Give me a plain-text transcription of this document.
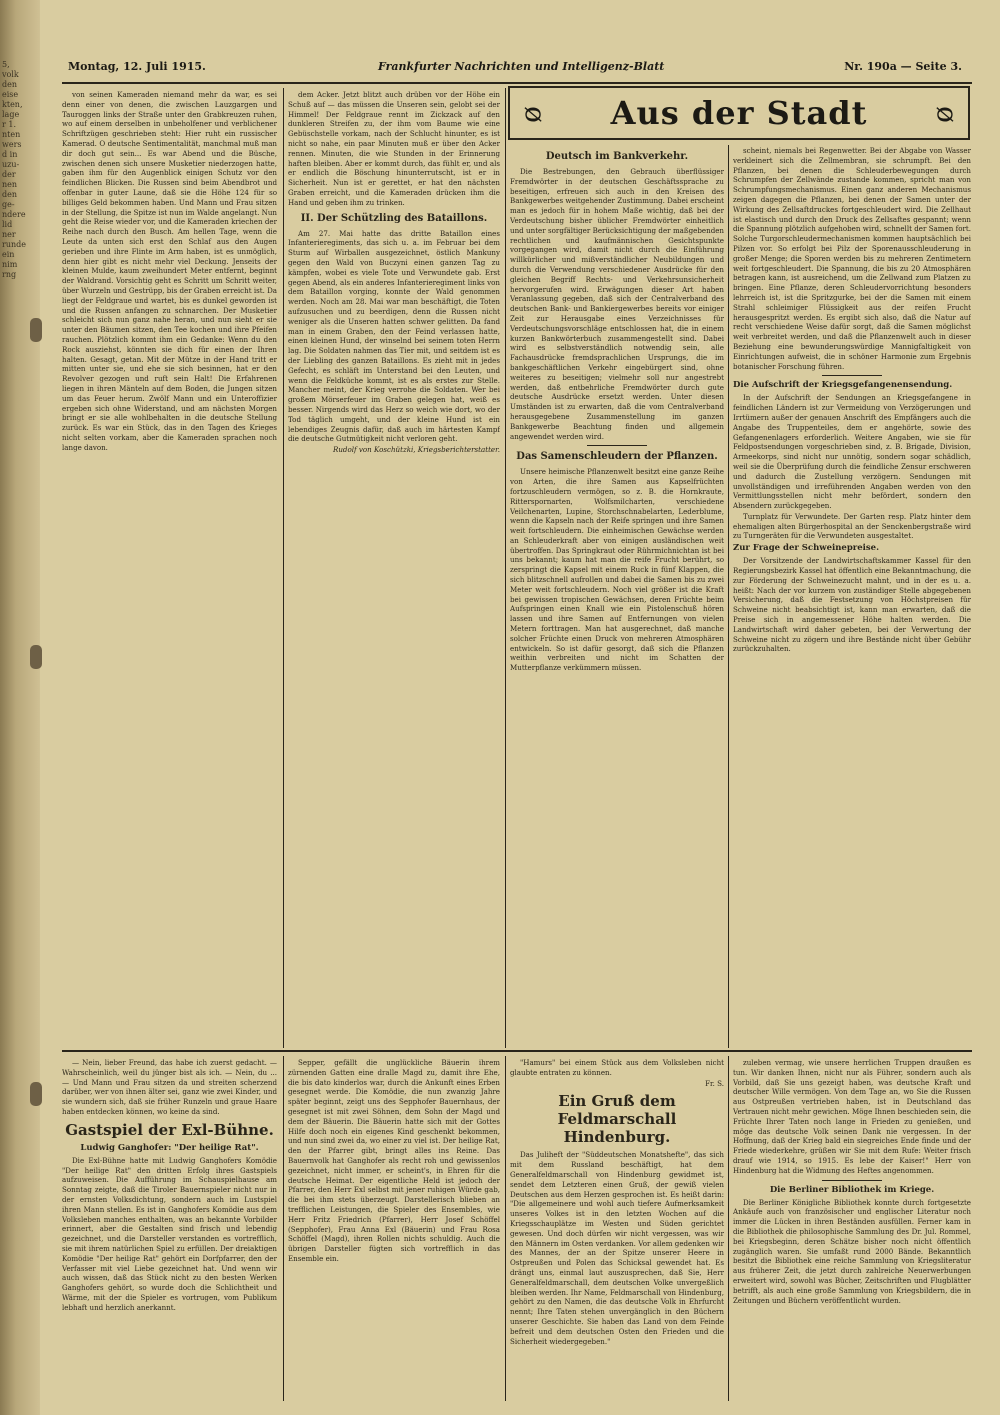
5,
volk
den
eise
kten,
lage
r 1.
nten
wers
d in
uzu-
der
nen
den
ge-
ndere
lid
ner
runde
ein
nim
rng
Montag, 12. Juli 1915.	Frankfurter Nachrichten und Intelligenz-Blatt	Nr. 190a — Seite 3.

von seinen Kameraden niemand mehr da war, es sei denn einer von denen, die zwischen Lauzgargen und Tauroggen links der Straße unter den Grabkreuzen ruhen, wo auf einem derselben in unbeholfener und verblichener Schriftzügen geschrieben steht: Hier ruht ein russischer Kamerad. O deutsche Sentimentalität, manchmal muß man dir doch gut sein... Es war Abend und die Büsche, zwischen denen sich unsere Musketier niederzogen hatte, gaben ihm für den Augenblick einigen Schutz vor den feindlichen Blicken. Die Russen sind beim Abendbrot und offenbar in guter Laune, daß sie die Höhe 124 für so billiges Geld bekommen haben. Und Mann und Frau sitzen in der Stellung, die Spitze ist nun im Walde angelangt. Nun geht die Reise wieder vor, und die Kameraden kriechen der Reihe nach durch den Busch. Am hellen Tage, wenn die Leute da unten sich erst den Schlaf aus den Augen gerieben und ihre Flinte im Arm haben, ist es unmöglich, denn hier gibt es nicht mehr viel Deckung. Jenseits der kleinen Mulde, kaum zweihundert Meter entfernt, beginnt der Waldrand. Vorsichtig geht es Schritt um Schritt weiter, über Wurzeln und Gestrüpp, bis der Graben erreicht ist. Da liegt der Feldgraue und wartet, bis es dunkel geworden ist und die Russen anfangen zu schnarchen. Der Musketier schleicht sich nun ganz nahe heran, und nun sieht er sie unter den Bäumen sitzen, den Tee kochen und ihre Pfeifen rauchen. Plötzlich kommt ihm ein Gedanke: Wenn du den Rock ausziehst, könnten sie dich für einen der Ihren halten. Gesagt, getan. Mit der Mütze in der Hand tritt er mitten unter sie, und ehe sie sich besinnen, hat er den Revolver gezogen und ruft sein Halt! Die Erfahrenen liegen in ihren Mänteln auf dem Boden, die Jungen sitzen um das Feuer herum. Zwölf Mann und ein Unteroffizier ergeben sich ohne Widerstand, und am nächsten Morgen bringt er sie alle wohlbehalten in die deutsche Stellung zurück. Es war ein Stück, das in den Tagen des Krieges nicht selten vorkam, aber die Kameraden sprachen noch lange davon.

dem Acker. Jetzt blitzt auch drüben vor der Höhe ein Schuß auf — das müssen die Unseren sein, gelobt sei der Himmel! Der Feldgraue rennt im Zickzack auf den dunkleren Streifen zu, der ihm vom Baume wie eine Gebüschstelle vorkam, nach der Schlucht hinunter, es ist nicht so nahe, ein paar Minuten muß er über den Acker rennen. Minuten, die wie Stunden in der Erinnerung haften bleiben. Aber er kommt durch, das fühlt er, und als er endlich die Böschung hinunterrutscht, ist er in Sicherheit. Nun ist er gerettet, er hat den nächsten Graben erreicht, und die Kameraden drücken ihm die Hand und geben ihm zu trinken.

II. Der Schützling des Bataillons.

Am 27. Mai hatte das dritte Bataillon eines Infanterieregiments, das sich u. a. im Februar bei dem Sturm auf Wirballen ausgezeichnet, östlich Mankuny gegen den Wald von Buczyni einen ganzen Tag zu kämpfen, wobei es viele Tote und Verwundete gab. Erst gegen Abend, als ein anderes Infanterieregiment links von dem Bataillon vorging, konnte der Wald genommen werden. Noch am 28. Mai war man beschäftigt, die Toten aufzusuchen und zu beerdigen, denn die Russen nicht weniger als die Unseren hatten schwer gelitten. Da fand man in einem Graben, den der Feind verlassen hatte, einen kleinen Hund, der winselnd bei seinem toten Herrn lag. Die Soldaten nahmen das Tier mit, und seitdem ist es der Liebling des ganzen Bataillons. Es zieht mit in jedes Gefecht, es schläft im Unterstand bei den Leuten, und wenn die Feldküche kommt, ist es als erstes zur Stelle. Mancher meint, der Krieg verrohe die Soldaten. Wer bei großem Mörserfeuer im Graben gelegen hat, weiß es besser. Nirgends wird das Herz so weich wie dort, wo der Tod täglich umgeht, und der kleine Hund ist ein lebendiges Zeugnis dafür, daß auch im härtesten Kampf die deutsche Gutmütigkeit nicht verloren geht.

Rudolf von Koschützki, Kriegsberichterstatter.

ᴓ	Aus der Stadt	ᴓ
Deutsch im Bankverkehr.

Die Bestrebungen, den Gebrauch überflüssiger Fremdwörter in der deutschen Geschäftssprache zu beseitigen, erfreuen sich auch in den Kreisen des Bankgewerbes weitgehender Zustimmung. Dabei erscheint man es jedoch für in hohem Maße wichtig, daß bei der Verdeutschung bisher üblicher Fremdwörter einheitlich und unter sorgfältiger Berücksichtigung der maßgebenden rechtlichen und kaufmännischen Gesichtspunkte vorgegangen wird, damit nicht durch die Einführung willkürlicher und mißverständlicher Neubildungen und durch die Verwendung verschiedener Ausdrücke für den gleichen Begriff Rechts- und Verkehrsunsicherheit hervorgerufen wird. Erwägungen dieser Art haben Veranlassung gegeben, daß sich der Centralverband des deutschen Bank- und Bankiergewerbes bereits vor einiger Zeit zur Herausgabe eines Verzeichnisses für Verdeutschungsvorschläge entschlossen hat, die in einem kurzen Bankwörterbuch zusammengestellt sind. Dabei wird es selbstverständlich notwendig sein, alle Fachausdrücke fremdsprachlichen Ursprungs, die im bankgeschäftlichen Verkehr eingebürgert sind, ohne weiteres zu beseitigen; vielmehr soll nur angestrebt werden, daß entbehrliche Fremdwörter durch gute deutsche Ausdrücke ersetzt werden. Unter diesen Umständen ist zu erwarten, daß die vom Centralverband herausgegebene Zusammenstellung im ganzen Bankgewerbe Beachtung finden und allgemein angewendet werden wird.

Das Samenschleudern der Pflanzen.

Unsere heimische Pflanzenwelt besitzt eine ganze Reihe von Arten, die ihre Samen aus Kapselfrüchten fortzuschleudern vermögen, so z. B. die Hornkraute, Ritterspornarten, Wolfsmilcharten, verschiedene Veilchenarten, Lupine, Storchschnabelarten, Lederblume, wenn die Kapseln nach der Reife springen und ihre Samen weit fortschleudern. Die einheimischen Gewächse werden an Schleuderkraft aber von einigen ausländischen weit übertroffen. Das Springkraut oder Rührmichnichtan ist bei uns bekannt; kaum hat man die reife Frucht berührt, so zerspringt die Kapsel mit einem Ruck in fünf Klappen, die sich blitzschnell aufrollen und dabei die Samen bis zu zwei Meter weit fortschleudern. Noch viel größer ist die Kraft bei gewissen tropischen Gewächsen, deren Früchte beim Aufspringen einen Knall wie ein Pistolenschuß hören lassen und ihre Samen auf Entfernungen von vielen Metern forttragen. Man hat ausgerechnet, daß manche solcher Früchte einen Druck von mehreren Atmosphären entwickeln. So ist dafür gesorgt, daß sich die Pflanzen weithin verbreiten und nicht im Schatten der Mutterpflanze verkümmern müssen.

scheint, niemals bei Regenwetter. Bei der Abgabe von Wasser verkleinert sich die Zellmembran, sie schrumpft. Bei den Pflanzen, bei denen die Schleuderbewegungen durch Schrumpfen der Zellwände zustande kommen, spricht man von Schrumpfungsmechanismus. Einen ganz anderen Mechanismus zeigen dagegen die Pflanzen, bei denen der Samen unter der Wirkung des Zellsaftdruckes fortgeschleudert wird. Die Zellhaut ist elastisch und durch den Druck des Zellsaftes gespannt; wenn die Spannung plötzlich aufgehoben wird, schnellt der Samen fort. Solche Turgorschleudermechanismen kommen hauptsächlich bei Pilzen vor. So erfolgt bei Pilz der Sporenausschleuderung in großer Menge; die Sporen werden bis zu mehreren Zentimetern weit fortgeschleudert. Die Spannung, die bis zu 20 Atmosphären betragen kann, ist ausreichend, um die Zellwand zum Platzen zu bringen. Eine Pflanze, deren Schleudervorrichtung besonders lehrreich ist, ist die Spritzgurke, bei der die Samen mit einem Strahl schleimiger Flüssigkeit aus der reifen Frucht herausgespritzt werden. Es ergibt sich also, daß die Natur auf recht verschiedene Weise dafür sorgt, daß die Samen möglichst weit verbreitet werden, und daß die Pflanzenwelt auch in dieser Beziehung eine bewunderungswürdige Mannigfaltigkeit von Einrichtungen aufweist, die in schöner Harmonie zum Ergebnis botanischer Forschung führen.

Die Aufschrift der Kriegsgefangenensendung.

In der Aufschrift der Sendungen an Kriegsgefangene in feindlichen Ländern ist zur Vermeidung von Verzögerungen und Irrtümern außer der genauen Anschrift des Empfängers auch die Angabe des Truppenteiles, dem er angehörte, sowie des Gefangenenlagers erforderlich. Weitere Angaben, wie sie für Feldpostsendungen vorgeschrieben sind, z. B. Brigade, Division, Armeekorps, sind nicht nur unnötig, sondern sogar schädlich, weil sie die Überprüfung durch die feindliche Zensur erschweren und dadurch die Zustellung verzögern. Sendungen mit unvollständigen und irreführenden Angaben werden von den Vermittlungsstellen nicht mehr befördert, sondern den Absendern zurückgegeben.

Turnplatz für Verwundete. Der Garten resp. Platz hinter dem ehemaligen alten Bürgerhospital an der Senckenbergstraße wird zu Turngeräten für die Verwundeten ausgestaltet.

Zur Frage der Schweinepreise.

Der Vorsitzende der Landwirtschaftskammer Kassel für den Regierungsbezirk Kassel hat öffentlich eine Bekanntmachung, die zur Förderung der Schweinezucht mahnt, und in der es u. a. heißt: Nach der vor kurzem von zuständiger Stelle abgegebenen Versicherung, daß die Festsetzung von Höchstpreisen für Schweine nicht beabsichtigt ist, kann man erwarten, daß die Preise sich in angemessener Höhe halten werden. Die Landwirtschaft wird daher gebeten, bei der Verwertung der Schweine nicht zu zögern und ihre Bestände nicht über Gebühr zurückzuhalten.

— Nein, lieber Freund, das habe ich zuerst gedacht. — Wahrscheinlich, weil du jünger bist als ich. — Nein, du ... — Und Mann und Frau sitzen da und streiten scherzend darüber, wer von ihnen älter sei, ganz wie zwei Kinder, und sie wundern sich, daß sie früher Runzeln und graue Haare haben entdecken können, wo keine da sind.

Gastspiel der Exl-Bühne.
Ludwig Ganghofer: "Der heilige Rat".

Die Exl-Bühne hatte mit Ludwig Ganghofers Komödie "Der heilige Rat" den dritten Erfolg ihres Gastspiels aufzuweisen. Die Aufführung im Schauspielhause am Sonntag zeigte, daß die Tiroler Bauernspieler nicht nur in der ernsten Volksdichtung, sondern auch im Lustspiel ihren Mann stellen. Es ist in Ganghofers Komödie aus dem Volksleben manches enthalten, was an bekannte Vorbilder erinnert, aber die Gestalten sind frisch und lebendig gezeichnet, und die Darsteller verstanden es vortrefflich, sie mit ihrem natürlichen Spiel zu erfüllen. Der dreiaktigen Komödie "Der heilige Rat" gehört ein Dorfpfarrer, den der Verfasser mit viel Liebe gezeichnet hat. Und wenn wir auch wissen, daß das Stück nicht zu den besten Werken Ganghofers gehört, so wurde doch die Schlichtheit und Wärme, mit der die Spieler es vortrugen, vom Publikum lebhaft und herzlich anerkannt.

Sepper, gefällt die unglückliche Bäuerin ihrem zürnenden Gatten eine dralle Magd zu, damit ihre Ehe, die bis dato kinderlos war, durch die Ankunft eines Erben gesegnet werde. Die Komödie, die nun zwanzig Jahre später beginnt, zeigt uns des Sepphofer Bauernhaus, der gesegnet ist mit zwei Söhnen, dem Sohn der Magd und dem der Bäuerin. Die Bäuerin hatte sich mit der Gottes Hilfe doch noch ein eigenes Kind geschenkt bekommen, und nun sind zwei da, wo einer zu viel ist. Der heilige Rat, den der Pfarrer gibt, bringt alles ins Reine. Das Bauernvolk hat Ganghofer als recht roh und gewissenlos gezeichnet, nicht immer, er scheint's, in Ehren für die deutsche Heimat. Der eigentliche Held ist jedoch der Pfarrer, den Herr Exl selbst mit jener ruhigen Würde gab, die bei ihm stets überzeugt. Darstellerisch blieben an trefflichen Leistungen, die Spieler des Ensembles, wie Herr Fritz Friedrich (Pfarrer), Herr Josef Schöffel (Sepphofer), Frau Anna Exl (Bäuerin) und Frau Rosa Schöffel (Magd), ihren Rollen nichts schuldig. Auch die übrigen Darsteller fügten sich vortrefflich in das Ensemble ein.

"Hamurs" bei einem Stück aus dem Volksleben nicht glaubte entraten zu können.

Fr. S.

Ein Gruß dem Feldmarschall Hindenburg.

Das Juliheft der "Süddeutschen Monatshefte", das sich mit dem Russland beschäftigt, hat dem Generalfeldmarschall von Hindenburg gewidmet ist, sendet dem Letzteren einen Gruß, der gewiß vielen Deutschen aus dem Herzen gesprochen ist. Es heißt darin: "Die allgemeinere und wohl auch tiefere Aufmerksamkeit unseres Volkes ist in den letzten Wochen auf die Kriegsschauplätze im Westen und Süden gerichtet gewesen. Und doch dürfen wir nicht vergessen, was wir den Männern im Osten verdanken. Vor allem gedenken wir des Mannes, der an der Spitze unserer Heere in Ostpreußen und Polen das Schicksal gewendet hat. Es drängt uns, einmal laut auszusprechen, daß Sie, Herr Generalfeldmarschall, dem deutschen Volke unvergeßlich bleiben werden. Ihr Name, Feldmarschall von Hindenburg, gehört zu den Namen, die das deutsche Volk in Ehrfurcht nennt; Ihre Taten stehen unvergänglich in den Büchern unserer Geschichte. Sie haben das Land von dem Feinde befreit und dem deutschen Osten den Frieden und die Sicherheit wiedergegeben."

zuleben vermag, wie unsere herrlichen Truppen draußen es tun. Wir danken Ihnen, nicht nur als Führer, sondern auch als Vorbild, daß Sie uns gezeigt haben, was deutsche Kraft und deutscher Wille vermögen. Von dem Tage an, wo Sie die Russen aus Ostpreußen vertrieben haben, ist in Deutschland das Vertrauen nicht mehr gewichen. Möge Ihnen beschieden sein, die Früchte Ihrer Taten noch lange in Frieden zu genießen, und möge das deutsche Volk seinen Dank nie vergessen. In der Hoffnung, daß der Krieg bald ein siegreiches Ende finde und der Friede wiederkehre, grüßen wir Sie mit dem Rufe: Weiter frisch drauf wie 1914, so 1915. Es lebe der Kaiser!" Herr von Hindenburg hat die Widmung des Heftes angenommen.

Die Berliner Bibliothek im Kriege.

Die Berliner Königliche Bibliothek konnte durch fortgesetzte Ankäufe auch von französischer und englischer Literatur noch immer die Lücken in ihren Beständen ausfüllen. Ferner kam in die Bibliothek die philosophische Sammlung des Dr. Jul. Rommel, bei Kriegsbeginn, deren Schätze bisher noch nicht öffentlich zugänglich waren. Sie umfaßt rund 2000 Bände. Bekanntlich besitzt die Bibliothek eine reiche Sammlung von Kriegsliteratur aus früherer Zeit, die jetzt durch zahlreiche Neuerwerbungen erweitert wird, sowohl was Bücher, Zeitschriften und Flugblätter betrifft, als auch eine große Sammlung von Kriegsbildern, die in Zeitungen und Büchern veröffentlicht wurden.
